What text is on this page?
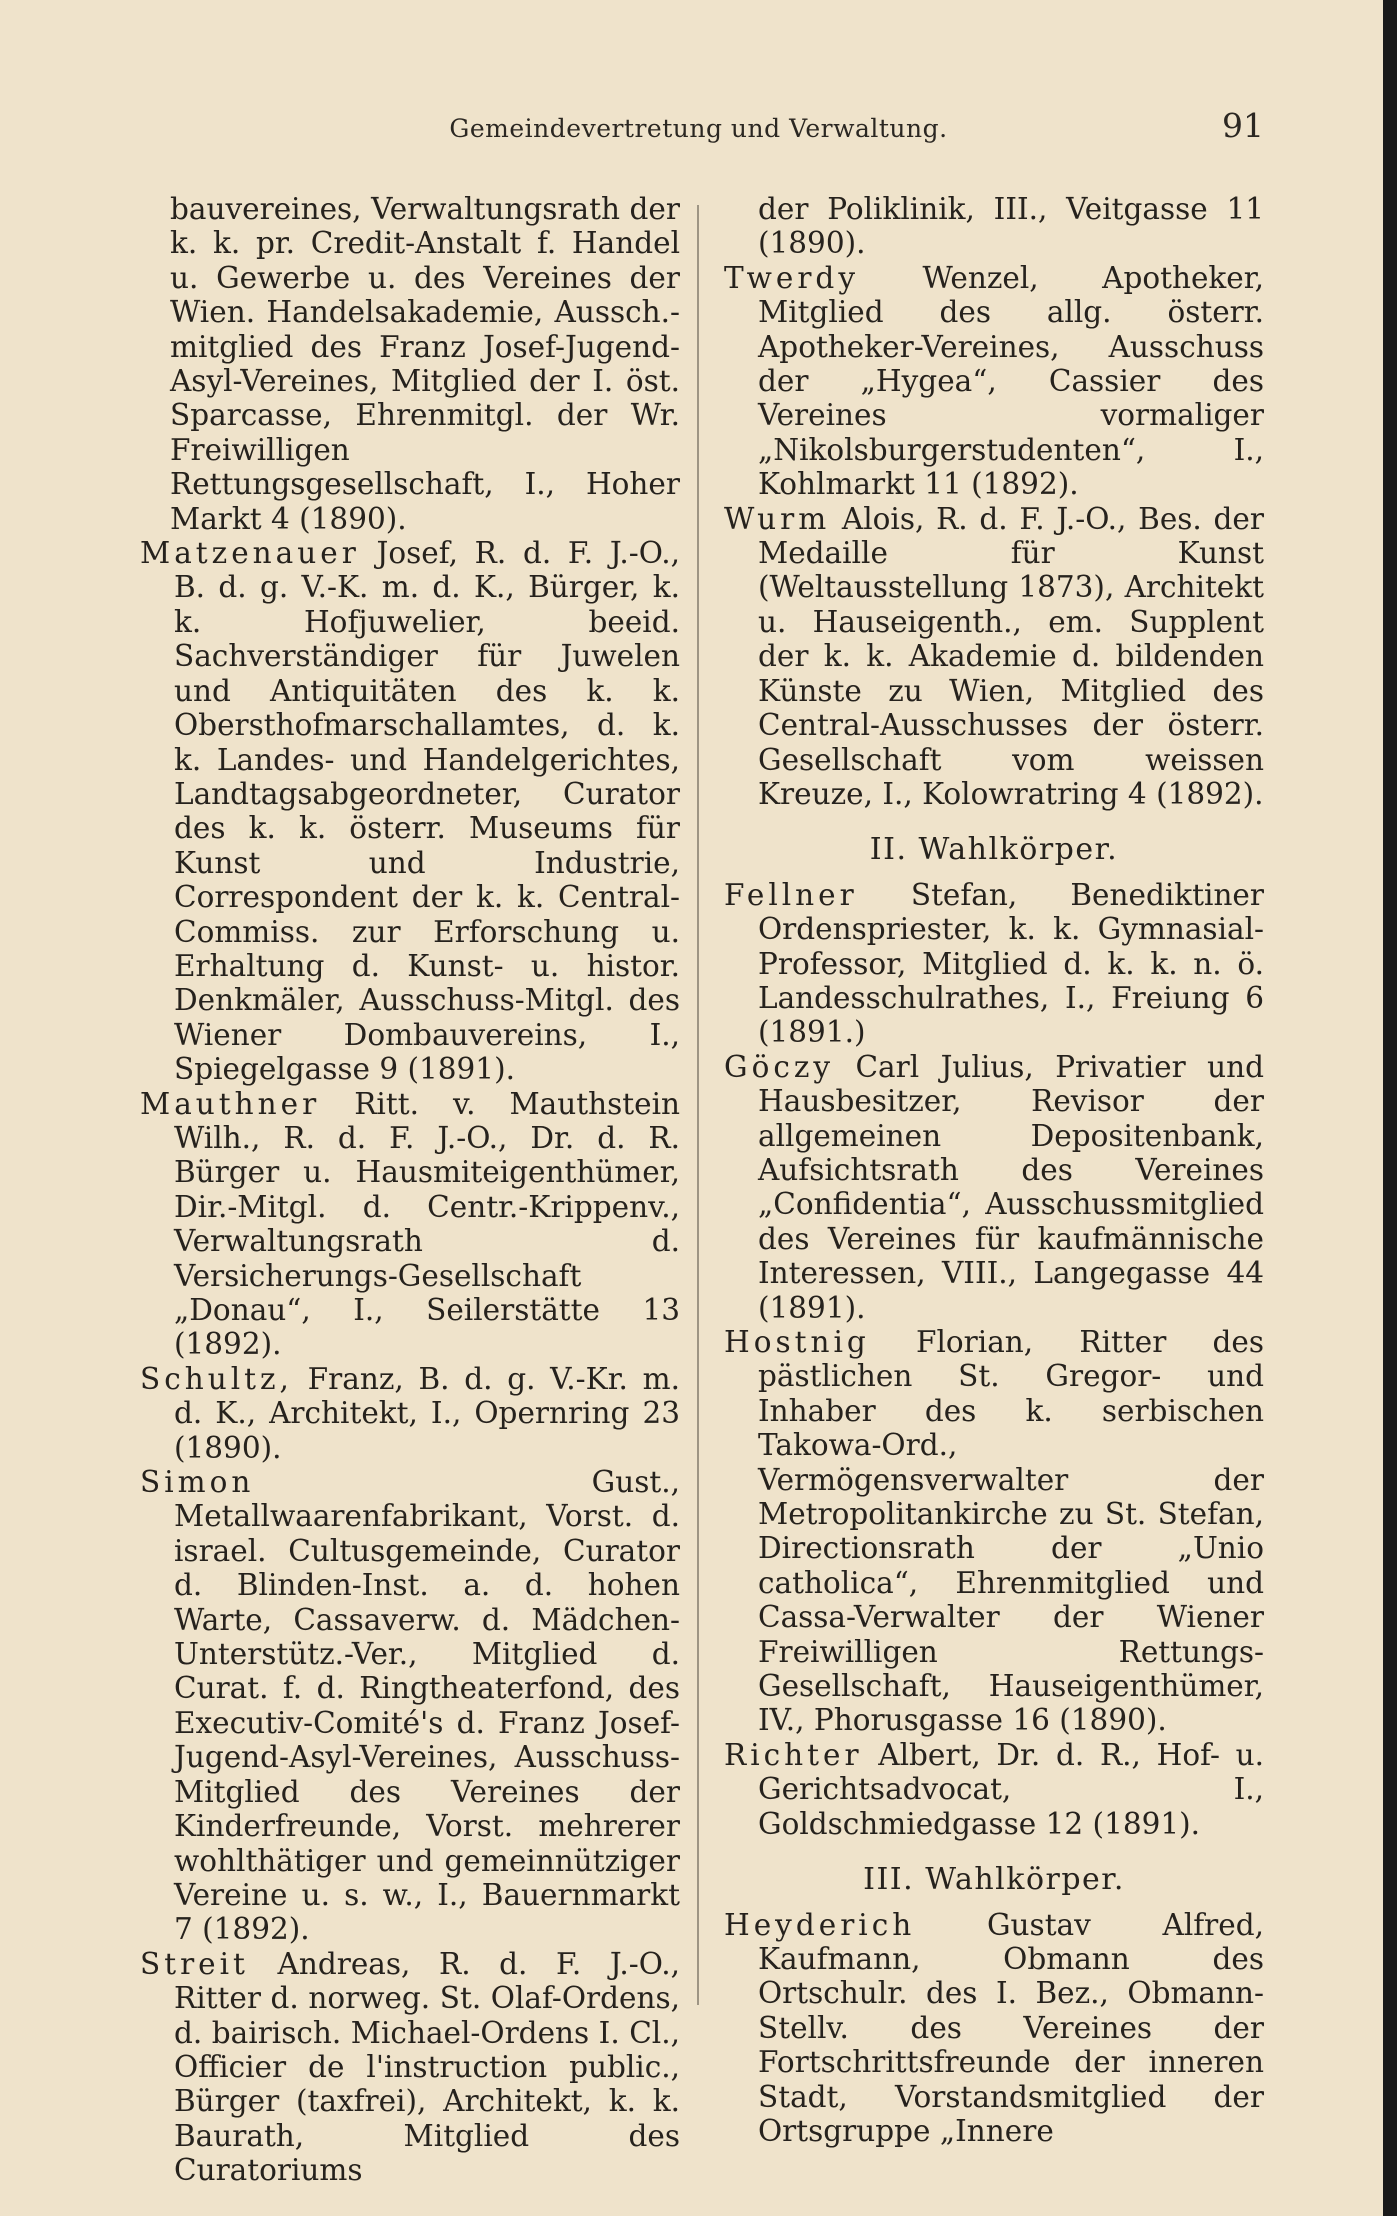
Gemeindevertretung und Verwaltung.	91
bauvereines, Verwaltungsrath der k. k. pr. Credit-Anstalt f. Handel u. Gewerbe u. des Vereines der Wien. Handelsakademie, Aussch.-mitglied des Franz Josef-Jugend-Asyl-Vereines, Mitglied der I. öst. Sparcasse, Ehrenmitgl. der Wr. Freiwilligen Rettungsgesellschaft, I., Hoher Markt 4 (1890).
Matzenauer Josef, R. d. F. J.-O., B. d. g. V.-K. m. d. K., Bürger, k. k. Hofjuwelier, beeid. Sachverständiger für Juwelen und Antiquitäten des k. k. Obersthofmarschallamtes, d. k. k. Landes- und Handelgerichtes, Landtagsabgeordneter, Curator des k. k. österr. Museums für Kunst und Industrie, Correspondent der k. k. Central-Commiss. zur Erforschung u. Erhaltung d. Kunst- u. histor. Denkmäler, Ausschuss-Mitgl. des Wiener Dombauvereins, I., Spiegelgasse 9 (1891).
Mauthner Ritt. v. Mauthstein Wilh., R. d. F. J.-O., Dr. d. R. Bürger u. Hausmiteigenthümer, Dir.-Mitgl. d. Centr.-Krippenv., Verwaltungsrath d. Versicherungs-Gesellschaft „Donau“, I., Seilerstätte 13 (1892).
Schultz, Franz, B. d. g. V.-Kr. m. d. K., Architekt, I., Opernring 23 (1890).
Simon	Gust., Metallwaarenfabrikant, Vorst. d. israel. Cultusgemeinde, Curator d. Blinden-Inst. a. d. hohen Warte, Cassaverw. d. Mädchen-Unterstütz.-Ver., Mitglied d. Curat. f. d. Ringtheaterfond, des Executiv-Comité's d. Franz Josef-Jugend-Asyl-Vereines, Ausschuss-Mitglied des Vereines der Kinderfreunde, Vorst. mehrerer wohlthätiger und gemeinnütziger Vereine u. s. w., I., Bauernmarkt 7 (1892).
Streit Andreas, R. d. F. J.-O., Ritter d. norweg. St. Olaf-Ordens, d. bairisch. Michael-Ordens I. Cl., Officier de l'instruction public., Bürger (taxfrei), Architekt, k. k. Baurath, Mitglied des Curatoriums
der Poliklinik, III., Veitgasse 11 (1890).
Twerdy Wenzel, Apotheker, Mitglied des allg. österr. Apotheker-Vereines, Ausschuss der „Hygea“, Cassier des Vereines vormaliger „Nikolsburgerstudenten“, I., Kohlmarkt 11 (1892).
Wurm Alois, R. d. F. J.-O., Bes. der Medaille für Kunst (Weltausstellung 1873), Architekt u. Hauseigenth., em. Supplent der k. k. Akademie d. bildenden Künste zu Wien, Mitglied des Central-Ausschusses der österr. Gesellschaft vom weissen Kreuze, I., Kolowratring 4 (1892).
II. Wahlkörper.
Fellner Stefan, Benediktiner Ordenspriester, k. k. Gymnasial-Professor, Mitglied d. k. k. n. ö. Landesschulrathes, I., Freiung 6 (1891.)
Göczy Carl Julius, Privatier und Hausbesitzer, Revisor der allgemeinen Depositenbank, Aufsichtsrath des Vereines „Confidentia“, Ausschussmitglied des Vereines für kaufmännische Interessen, VIII., Langegasse 44 (1891).
Hostnig Florian, Ritter des pästlichen St. Gregor- und Inhaber des k. serbischen Takowa-Ord., Vermögensverwalter der Metropolitankirche zu St. Stefan, Directionsrath der „Unio catholica“, Ehrenmitglied und Cassa-Verwalter der Wiener Freiwilligen Rettungs-Gesellschaft, Hauseigenthümer, IV., Phorusgasse 16 (1890).
Richter Albert, Dr. d. R., Hof- u. Gerichtsadvocat, I., Goldschmiedgasse 12 (1891).
III. Wahlkörper.
Heyderich Gustav Alfred, Kaufmann, Obmann des Ortschulr. des I. Bez., Obmann-Stellv. des Vereines der Fortschrittsfreunde der inneren Stadt, Vorstandsmitglied der Ortsgruppe „Innere
